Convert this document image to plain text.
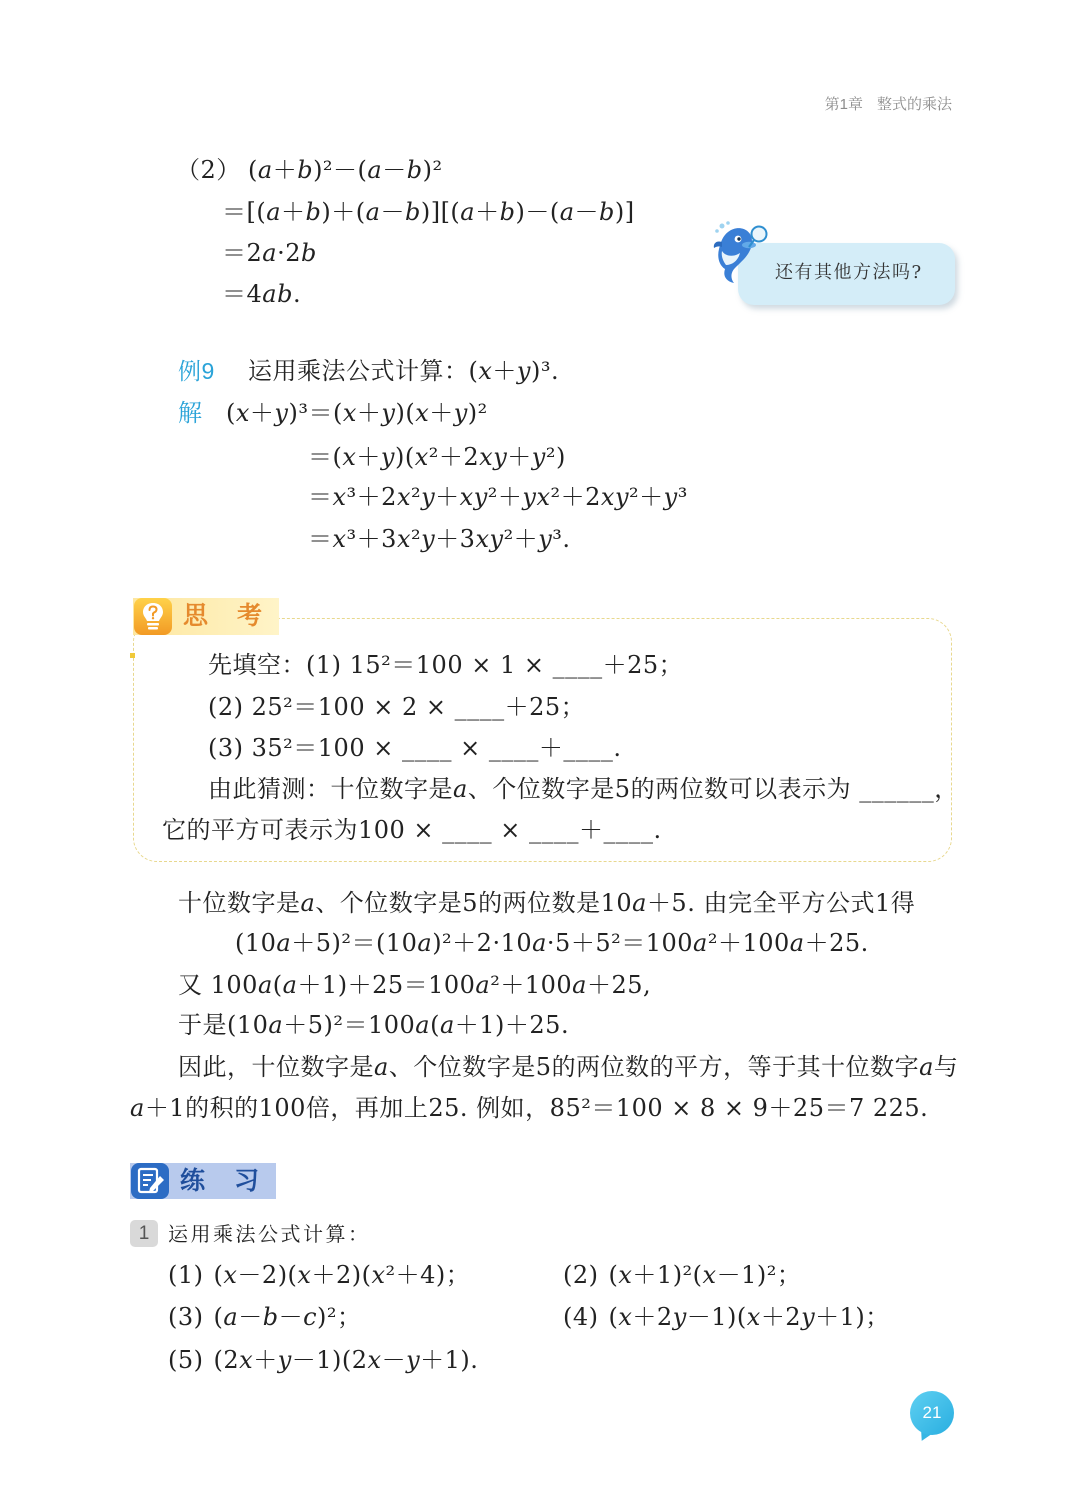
第1章 整式的乘法
（2） (a＋b)²－(a－b)²
＝[(a＋b)＋(a－b)][(a＋b)－(a－b)]
＝2a·2b
＝4ab.
还有其他方法吗?
例9 运用乘法公式计算：(x＋y)³.
解 (x＋y)³＝(x＋y)(x＋y)²
＝(x＋y)(x²＋2xy＋y²)
＝x³＋2x²y＋xy²＋yx²＋2xy²＋y³
＝x³＋3x²y＋3xy²＋y³.
思　考
先填空：(1) 15²＝100 × 1 × ____＋25；
(2) 25²＝100 × 2 × ____＋25；
(3) 35²＝100 × ____ × ____＋____.
由此猜测：十位数字是a、个位数字是5的两位数可以表示为 ______，
它的平方可表示为100 × ____ × ____＋____.
十位数字是a、个位数字是5的两位数是10a＋5. 由完全平方公式1得
(10a＋5)²＝(10a)²＋2·10a·5＋5²＝100a²＋100a＋25.
又 100a(a＋1)＋25＝100a²＋100a＋25,
于是(10a＋5)²＝100a(a＋1)＋25.
因此，十位数字是a、个位数字是5的两位数的平方，等于其十位数字a与
a＋1的积的100倍，再加上25. 例如，85²＝100 × 8 × 9＋25＝7 225.
练　习
1 运用乘法公式计算：
(1) (x－2)(x＋2)(x²＋4)；	(2) (x＋1)²(x－1)²；
(3) (a－b－c)²；	(4) (x＋2y－1)(x＋2y＋1)；
(5) (2x＋y－1)(2x－y＋1).
21
